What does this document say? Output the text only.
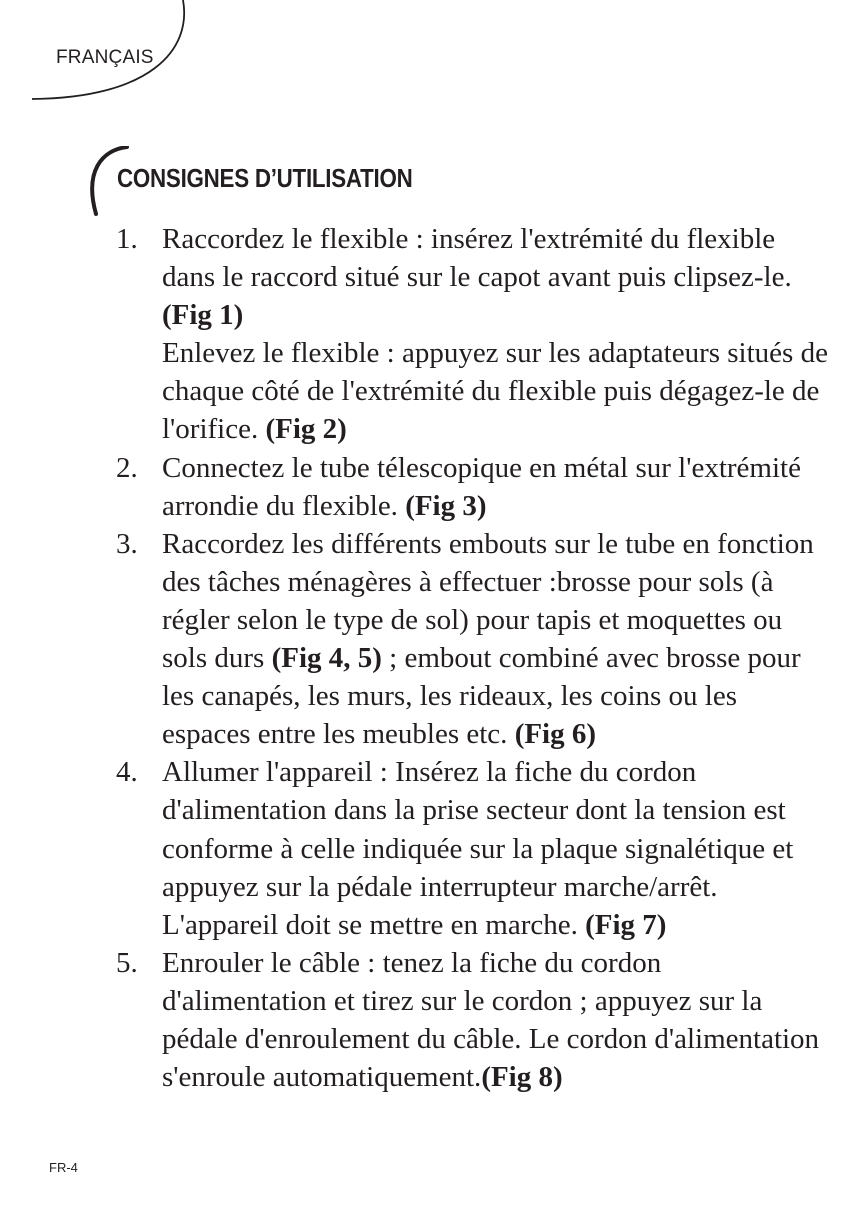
FRANÇAIS
CONSIGNES D’UTILISATION
1. Raccordez le flexible : insérez l'extrémité du flexible dans le raccord situé sur le capot avant puis clipsez-le. (Fig 1)

Enlevez le flexible : appuyez sur les adaptateurs situés de chaque côté de l'extrémité du flexible puis dégagez-le de l'orifice. (Fig 2)

2. Connectez le tube télescopique en métal sur l'extrémité arrondie du flexible. (Fig 3)

3. Raccordez les différents embouts sur le tube en fonction des tâches ménagères à effectuer :brosse pour sols (à régler selon le type de sol) pour tapis et moquettes ou sols durs (Fig 4, 5) ; embout combiné avec brosse pour les canapés, les murs, les rideaux, les coins ou les espaces entre les meubles etc. (Fig 6)

4. Allumer l'appareil : Insérez la fiche du cordon d'alimentation dans la prise secteur dont la tension est conforme à celle indiquée sur la plaque signalétique et appuyez sur la pédale interrupteur marche/arrêt. L'appareil doit se mettre en marche. (Fig 7)

5. Enrouler le câble : tenez la fiche du cordon d'alimentation et tirez sur le cordon ; appuyez sur la pédale d'enroulement du câble. Le cordon d'alimentation s'enroule automatiquement.(Fig 8)

FR-4
